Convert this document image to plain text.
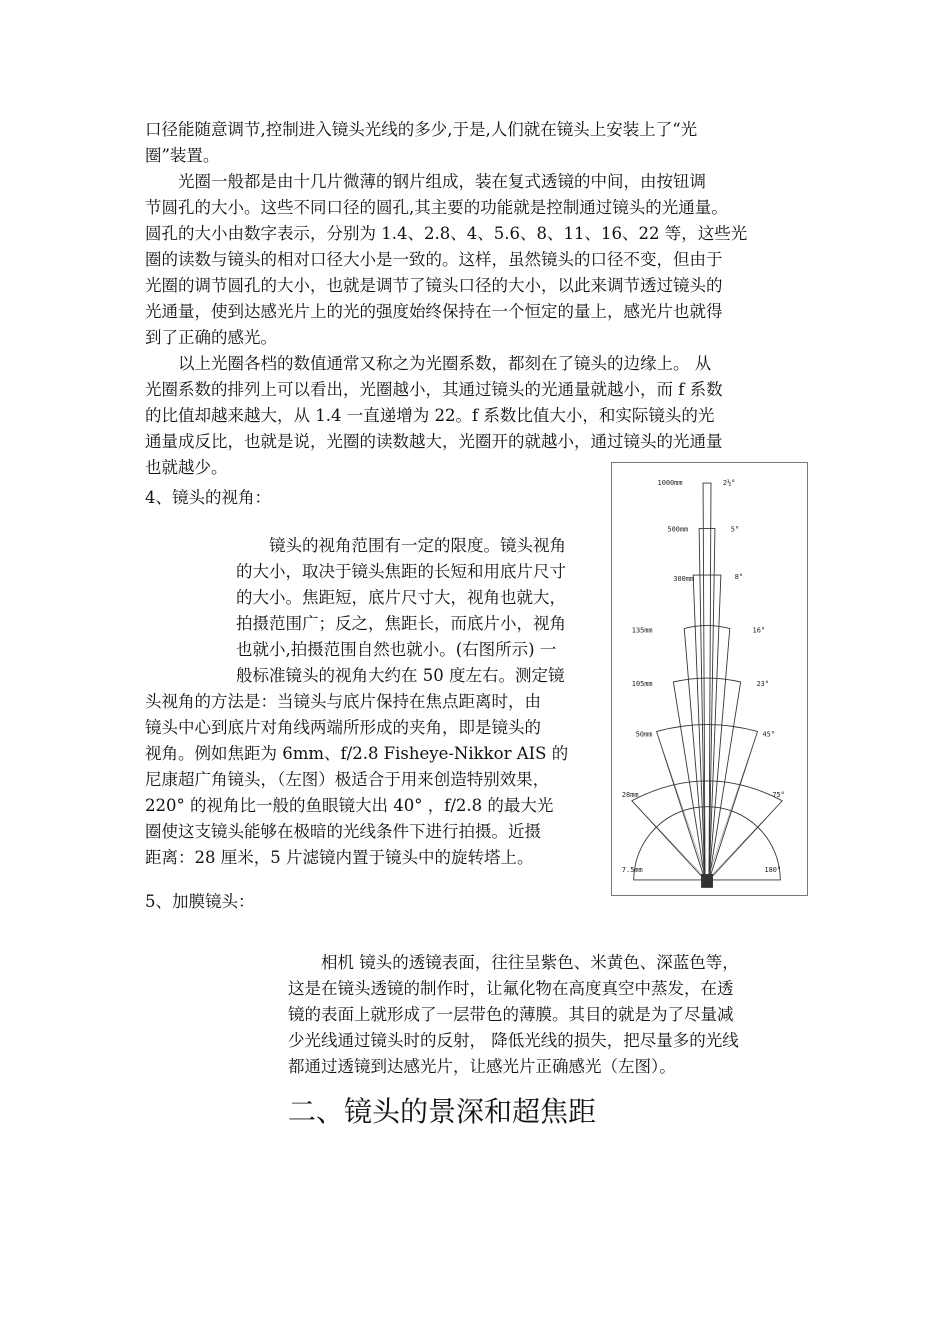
口径能随意调节,控制进入镜头光线的多少,于是,人们就在镜头上安装上了“光
圈”装置。
　　光圈一般都是由十几片微薄的钢片组成，装在复式透镜的中间，由按钮调
节圆孔的大小。这些不同口径的圆孔,其主要的功能就是控制通过镜头的光通量。
圆孔的大小由数字表示，分别为 1.4、2.8、4、5.6、8、11、16、22 等，这些光
圈的读数与镜头的相对口径大小是一致的。这样，虽然镜头的口径不变，但由于
光圈的调节圆孔的大小，也就是调节了镜头口径的大小，以此来调节透过镜头的
光通量，使到达感光片上的光的强度始终保持在一个恒定的量上，感光片也就得
到了正确的感光。
　　以上光圈各档的数值通常又称之为光圈系数，都刻在了镜头的边缘上。 从
光圈系数的排列上可以看出，光圈越小，其通过镜头的光通量就越小，而 f 系数
的比值却越来越大，从 1.4 一直递增为 22。f 系数比值大小，和实际镜头的光
通量成反比，也就是说，光圈的读数越大，光圈开的就越小，通过镜头的光通量
也就越少。
4、镜头的视角：
　　镜头的视角范围有一定的限度。镜头视角
的大小，取决于镜头焦距的长短和用底片尺寸
的大小。焦距短，底片尺寸大，视角也就大，
拍摄范围广；反之，焦距长，而底片小，视角
也就小,拍摄范围自然也就小。(右图所示) 一
般标准镜头的视角大约在 50 度左右。测定镜
头视角的方法是：当镜头与底片保持在焦点距离时，由
镜头中心到底片对角线两端所形成的夹角，即是镜头的
视角。例如焦距为 6mm、f/2.8 Fisheye-Nikkor AIS 的
尼康超广角镜头，（左图）极适合于用来创造特别效果，
220° 的视角比一般的鱼眼镜大出 40° ，f/2.8 的最大光
圈使这支镜头能够在极暗的光线条件下进行拍摄。近摄
距离：28 厘米，5 片滤镜内置于镜头中的旋转塔上。
1000mm	2½°
500mm	5°
300mm	8°
135mm	16°
105mm	23°
50mm	45°
28mm	75°
7.5mm	180°
5、加膜镜头：
　　相机 镜头的透镜表面，往往呈紫色、米黄色、深蓝色等，
这是在镜头透镜的制作时，让氟化物在高度真空中蒸发，在透
镜的表面上就形成了一层带色的薄膜。其目的就是为了尽量减
少光线通过镜头时的反射， 降低光线的损失，把尽量多的光线
都通过透镜到达感光片，让感光片正确感光（左图）。
二、镜头的景深和超焦距
